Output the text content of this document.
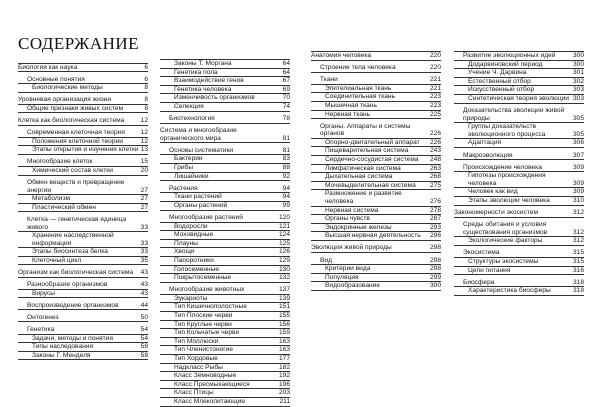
СОДЕРЖАНИЕ
Биология как наука	6
Основные понятия	6
Биологические методы	8
Уровневая организация жизни	8
Общие признаки живых систем	8
Клетка как биологическая система	12
Современная клеточная теория	12
Положения клеточной теории	12
Этапы открытия и изучения клетки 13
Многообразие клеток	15
Химический состав клетки	20
Обмен веществ и превращение энергии	27
Метаболизм	27
Пластический обмен	27
Клетка — генетическая единица живого	33
Хранение наследственной информации	33
Этапы биосинтеза белка	33
Клеточный цикл	35
Организм как биологическая система	43
Разнообразие организмов	43
Вирусы	43
Воспроизведение организмов	44
Онтогенез	50
Генетика	54
Задачи, методы и понятия	54
Типы наследования	58
Законы Г. Менделя	58
Законы Т. Моргана	64
Генетика пола	64
Взаимодействие генов	67
Генетика человека	69
Изменчивость организмов	70
Селекция	74
Биотехнология	78
Система и многообразие органического мира	81
Основы систематики	81
Бактерии	83
Грибы	88
Лишайники	92
Растения	94
Ткани растений	94
Органы растений	99
Многообразие растений	120
Водоросли	121
Моховидные	124
Плауны	125
Хвощи	126
Папоротники	129
Голосеменные	130
Покрытосеменные	132
Многообразие животных	137
Эукариоты	139
Тип Кишечнополостные	151
Тип Плоские черви	155
Тип Круглые черви	156
Тип Кольчатые черви	159
Тип Моллюски	163
Тип Членистоногие	163
Тип Хордовые	177
Надкласс Рыбы	182
Класс Земноводные	192
Класс Пресмыкающиеся	196
Класс Птицы	203
Класс Млекопитающие	211
Анатомия человека	220
Строение тела человека	220
Ткани	221
Эпителиальная ткань	221
Соединительная ткань	223
Мышечная ткань	223
Нервная ткань	225
Органы. Аппараты и системы органов	226
Опорно-двигательный аппарат	226
Пищеварительная система	243
Сердечно-сосудистая система	248
Лимфатическая система	263
Дыхательная система	268
Мочевыделительная система	275
Размножение и развитие человека	276
Нервная система	278
Органы чувств	287
Эндокринные железы	293
Высшая нервная деятельность	296
Эволюция живой природы	298
Вид	298
Критерии вида	298
Популяция	299
Видообразование	300
Развитие эволюционных идей	300
Додарвиновский период	300
Учение Ч. Дарвина	301
Естественный отбор	302
Искусственный отбор	303
Синтетическая теория эволюции 303
Доказательства эволюции живой природы	305
Группы доказательств эволюционного процесса	305
Адаптация	306
Макроэволюция	307
Происхождение человека	309
Гипотезы происхождения человека	309
Человек как вид	309
Этапы эволюции человека	310
Закономерности экосистем	312
Среды обитания и условия существования организмов	312
Экологические факторы	312
Экосистема	315
Структуры экосистемы	315
Цепи питания	316
Биосфера	318
Характеристика биосферы	318
